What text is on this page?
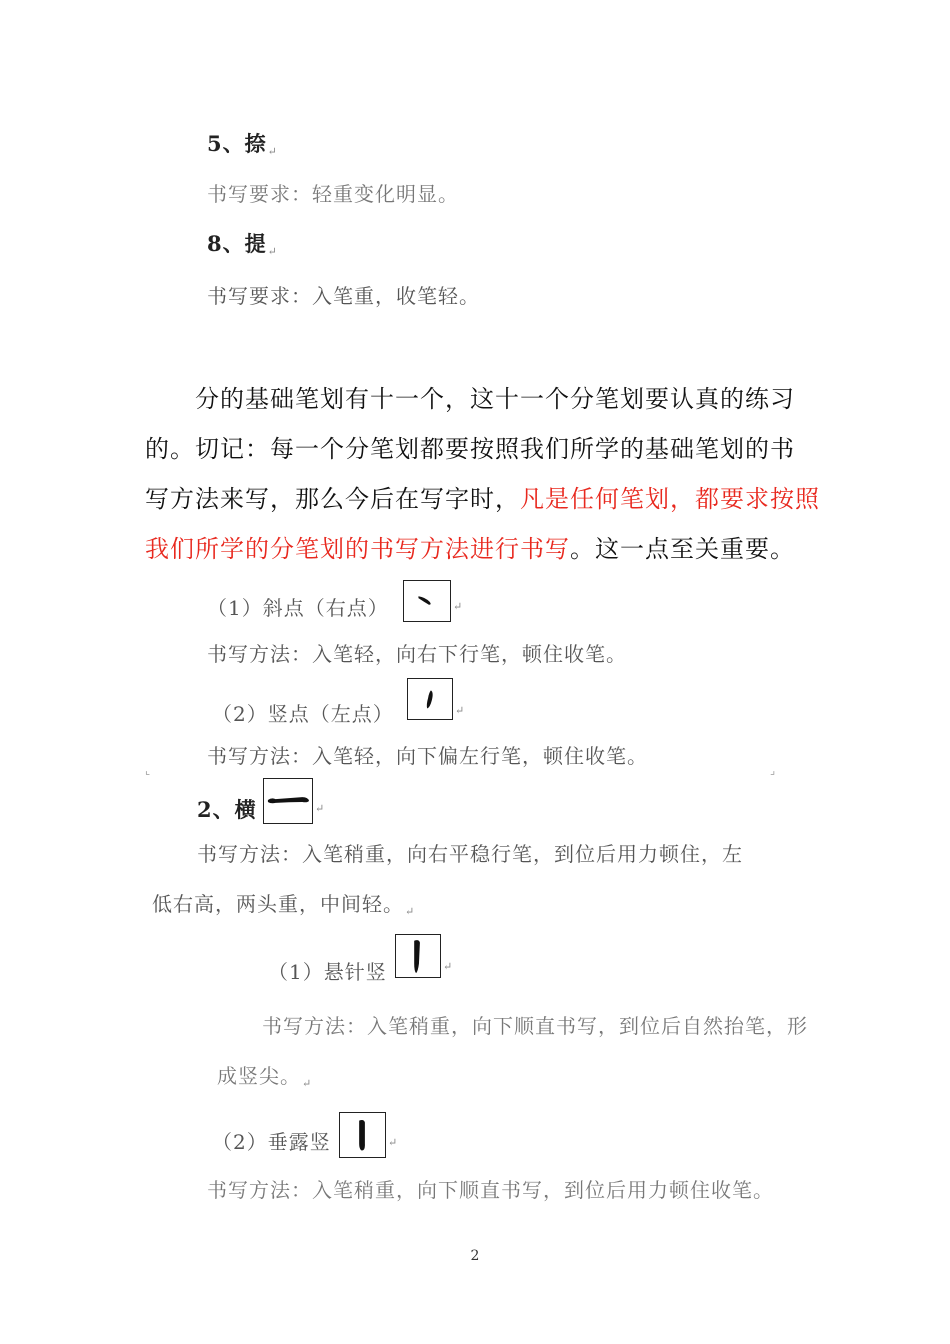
5、捺↵
书写要求：轻重变化明显。
8、提↵
书写要求：入笔重，收笔轻。
分的基础笔划有十一个，这十一个分笔划要认真的练习
的。切记：每一个分笔划都要按照我们所学的基础笔划的书
写方法来写，那么今后在写字时，凡是任何笔划，都要求按照
我们所学的分笔划的书写方法进行书写。这一点至关重要。
（1）斜点（右点）	↵
书写方法：入笔轻，向右下行笔，顿住收笔。
（2）竖点（左点）	↵
书写方法：入笔轻，向下偏左行笔，顿住收笔。
⌞	⌟
2、横	↵
书写方法：入笔稍重，向右平稳行笔，到位后用力顿住，左
低右高，两头重，中间轻。$_↵$
（1）悬针竖	↵
书写方法：入笔稍重，向下顺直书写，到位后自然抬笔，形
成竖尖。$_↵$
（2）垂露竖	↵
书写方法：入笔稍重，向下顺直书写，到位后用力顿住收笔。
2
